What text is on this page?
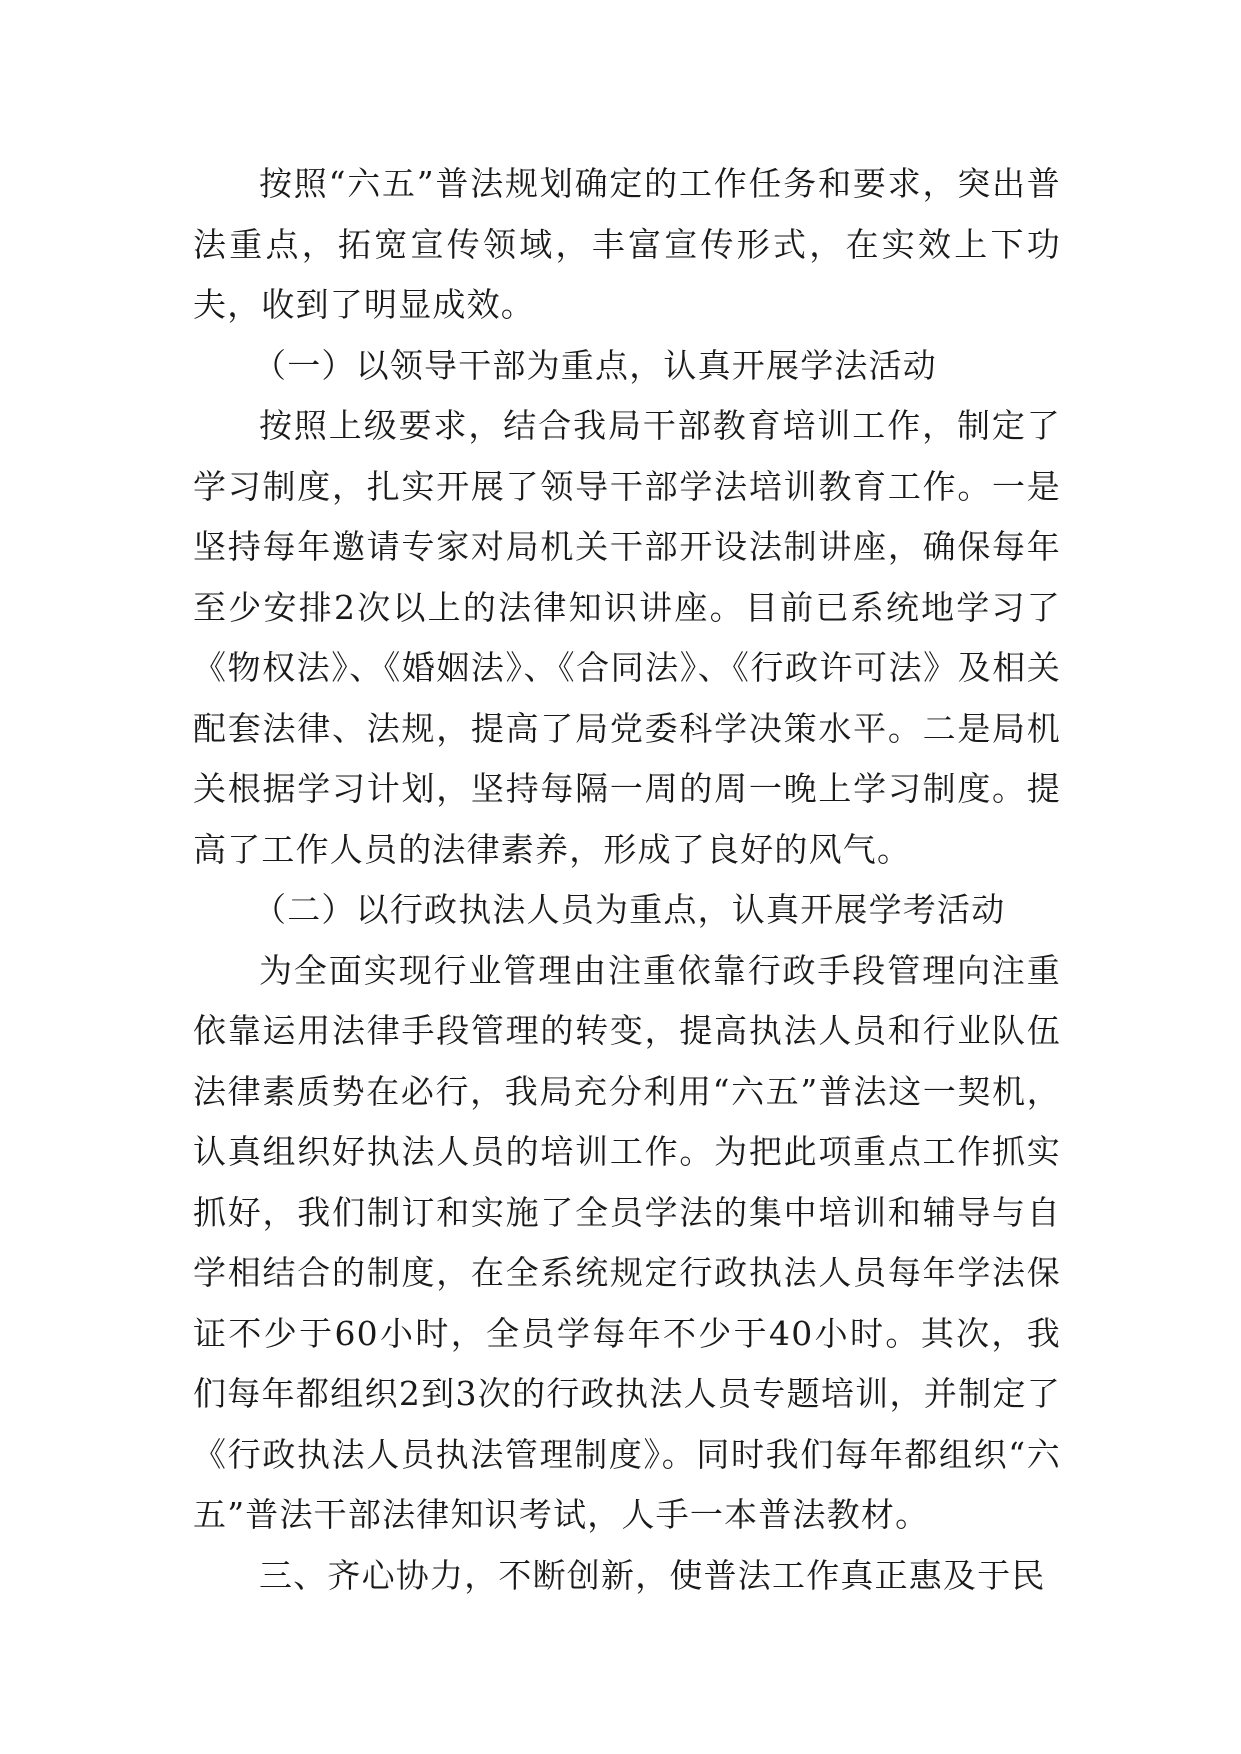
按照“六五”普法规划确定的工作任务和要求，突出普法重点，拓宽宣传领域，丰富宣传形式，在实效上下功夫，收到了明显成效。

（一）以领导干部为重点，认真开展学法活动

按照上级要求，结合我局干部教育培训工作，制定了学习制度，扎实开展了领导干部学法培训教育工作。一是坚持每年邀请专家对局机关干部开设法制讲座，确保每年至少安排2次以上的法律知识讲座。目前已系统地学习了《物权法》、《婚姻法》、《合同法》、《行政许可法》及相关配套法律、法规，提高了局党委科学决策水平。二是局机关根据学习计划，坚持每隔一周的周一晚上学习制度。提高了工作人员的法律素养，形成了良好的风气。

（二）以行政执法人员为重点，认真开展学考活动

为全面实现行业管理由注重依靠行政手段管理向注重依靠运用法律手段管理的转变，提高执法人员和行业队伍法律素质势在必行，我局充分利用“六五”普法这一契机，认真组织好执法人员的培训工作。为把此项重点工作抓实抓好，我们制订和实施了全员学法的集中培训和辅导与自学相结合的制度，在全系统规定行政执法人员每年学法保证不少于60小时，全员学每年不少于40小时。其次，我们每年都组织2到3次的行政执法人员专题培训，并制定了《行政执法人员执法管理制度》。同时我们每年都组织“六五”普法干部法律知识考试，人手一本普法教材。

三、齐心协力，不断创新，使普法工作真正惠及于民
